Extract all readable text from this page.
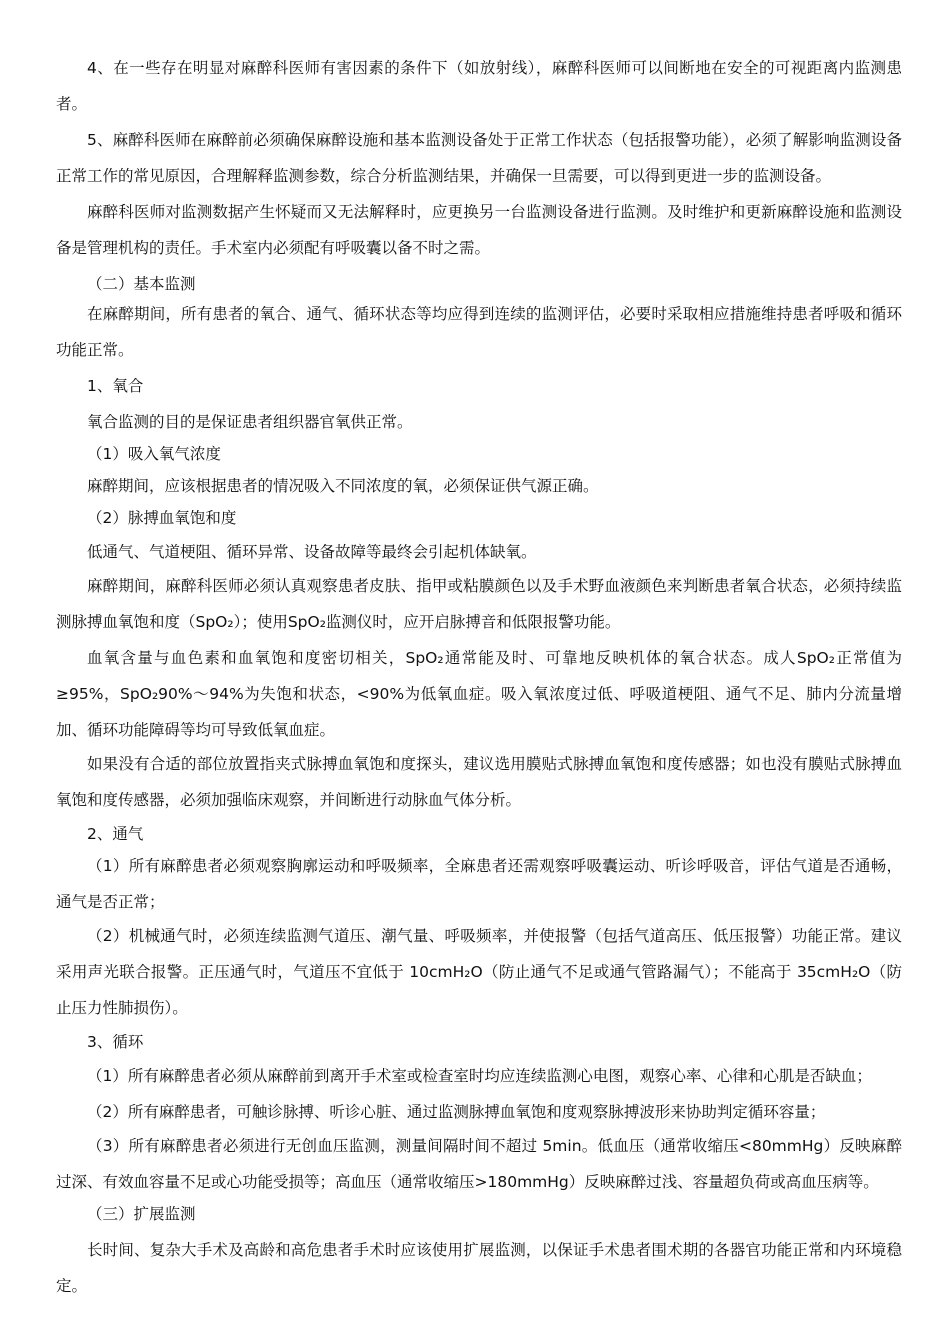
4、在一些存在明显对麻醉科医师有害因素的条件下（如放射线），麻醉科医师可以间断地在安全的可视距离内监测患者。
5、麻醉科医师在麻醉前必须确保麻醉设施和基本监测设备处于正常工作状态（包括报警功能），必须了解影响监测设备正常工作的常见原因，合理解释监测参数，综合分析监测结果，并确保一旦需要，可以得到更进一步的监测设备。
麻醉科医师对监测数据产生怀疑而又无法解释时，应更换另一台监测设备进行监测。及时维护和更新麻醉设施和监测设备是管理机构的责任。手术室内必须配有呼吸囊以备不时之需。
（二）基本监测
在麻醉期间，所有患者的氧合、通气、循环状态等均应得到连续的监测评估，必要时采取相应措施维持患者呼吸和循环功能正常。
1、氧合
氧合监测的目的是保证患者组织器官氧供正常。
（1）吸入氧气浓度
麻醉期间，应该根据患者的情况吸入不同浓度的氧，必须保证供气源正确。
（2）脉搏血氧饱和度
低通气、气道梗阻、循环异常、设备故障等最终会引起机体缺氧。
麻醉期间，麻醉科医师必须认真观察患者皮肤、指甲或粘膜颜色以及手术野血液颜色来判断患者氧合状态，必须持续监测脉搏血氧饱和度（SpO₂）；使用SpO₂监测仪时，应开启脉搏音和低限报警功能。
血氧含量与血色素和血氧饱和度密切相关，SpO₂通常能及时、可靠地反映机体的氧合状态。成人SpO₂正常值为≥95%，SpO₂90%～94%为失饱和状态，<90%为低氧血症。吸入氧浓度过低、呼吸道梗阻、通气不足、肺内分流量增加、循环功能障碍等均可导致低氧血症。
如果没有合适的部位放置指夹式脉搏血氧饱和度探头，建议选用膜贴式脉搏血氧饱和度传感器；如也没有膜贴式脉搏血氧饱和度传感器，必须加强临床观察，并间断进行动脉血气体分析。
2、通气
（1）所有麻醉患者必须观察胸廓运动和呼吸频率，全麻患者还需观察呼吸囊运动、听诊呼吸音，评估气道是否通畅，通气是否正常；
（2）机械通气时，必须连续监测气道压、潮气量、呼吸频率，并使报警（包括气道高压、低压报警）功能正常。建议采用声光联合报警。正压通气时，气道压不宜低于 10cmH₂O（防止通气不足或通气管路漏气）；不能高于 35cmH₂O（防止压力性肺损伤）。
3、循环
（1）所有麻醉患者必须从麻醉前到离开手术室或检查室时均应连续监测心电图，观察心率、心律和心肌是否缺血；
（2）所有麻醉患者，可触诊脉搏、听诊心脏、通过监测脉搏血氧饱和度观察脉搏波形来协助判定循环容量；
（3）所有麻醉患者必须进行无创血压监测，测量间隔时间不超过 5min。低血压（通常收缩压<80mmHg）反映麻醉过深、有效血容量不足或心功能受损等；高血压（通常收缩压>180mmHg）反映麻醉过浅、容量超负荷或高血压病等。
（三）扩展监测
长时间、复杂大手术及高龄和高危患者手术时应该使用扩展监测，以保证手术患者围术期的各器官功能正常和内环境稳定。
